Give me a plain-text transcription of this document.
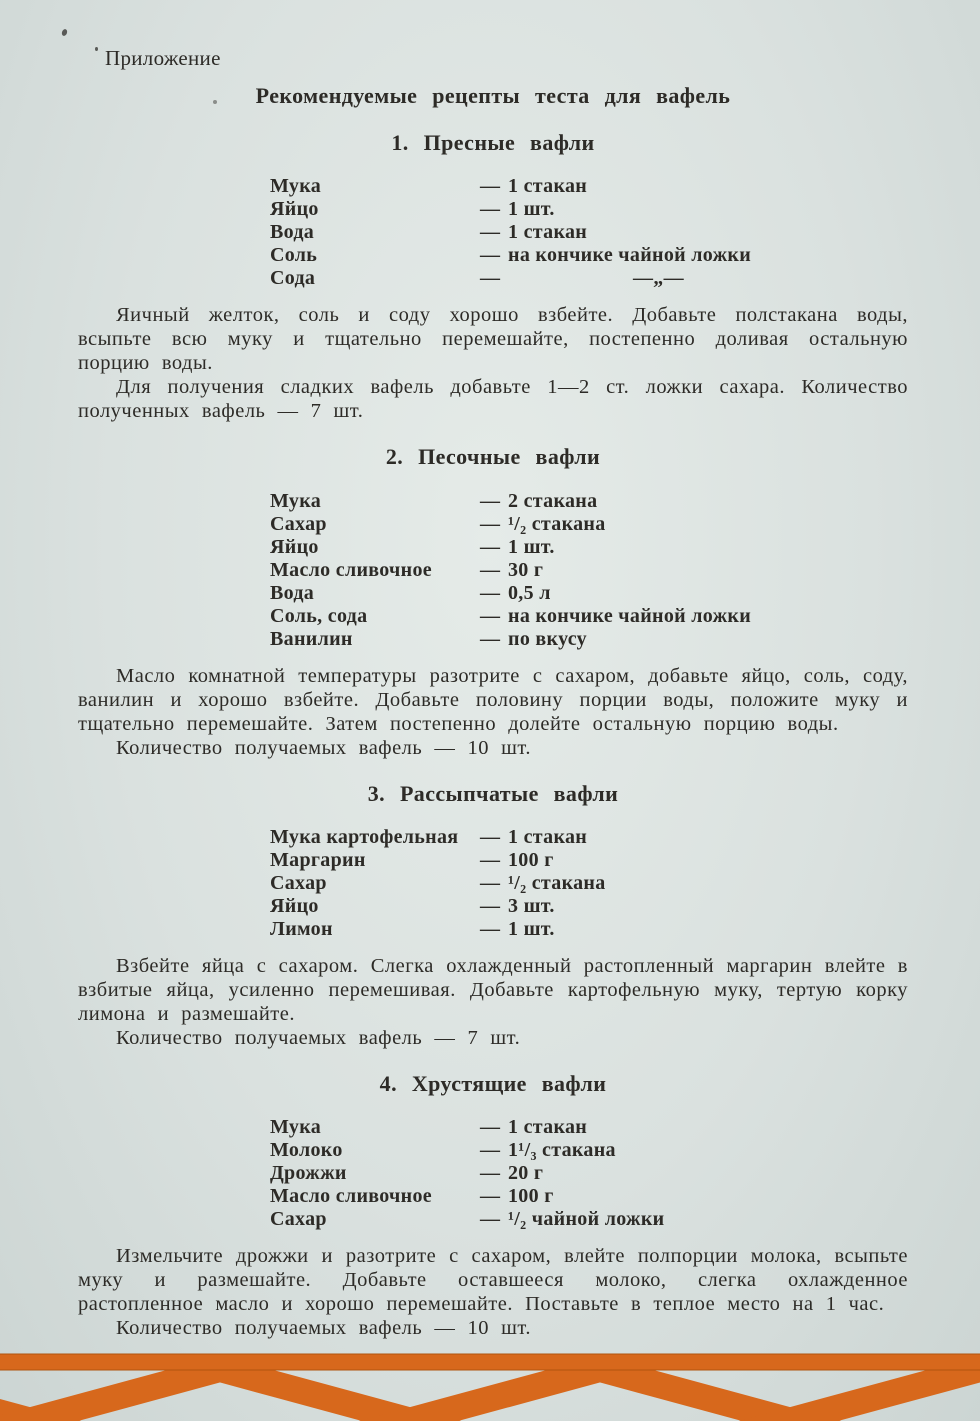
Приложение
Рекомендуемые рецепты теста для вафель
1. Пресные вафли
Мука	— 1 стакан
Яйцо	— 1 шт.
Вода	— 1 стакан
Соль	— на кончике чайной ложки
Сода	—	—„—

Яичный желток, соль и соду хорошо взбейте. Добавьте полстакана воды, всыпьте всю муку и тщательно перемешайте, постепенно доливая остальную порцию воды.

Для получения сладких вафель добавьте 1—2 ст. ложки сахара. Количество полученных вафель — 7 шт.

2. Песочные вафли
Мука	— 2 стакана
Сахар	— ¹/₂ стакана
Яйцо	— 1 шт.
Масло сливочное	— 30 г
Вода	— 0,5 л
Соль, сода	— на кончике чайной ложки
Ванилин	— по вкусу

Масло комнатной температуры разотрите с сахаром, добавьте яйцо, соль, соду, ванилин и хорошо взбейте. Добавьте половину порции воды, положите муку и тщательно перемешайте. Затем постепенно долейте остальную порцию воды.

Количество получаемых вафель — 10 шт.

3. Рассыпчатые вафли
Мука картофельная	— 1 стакан
Маргарин	— 100 г
Сахар	— ¹/₂ стакана
Яйцо	— 3 шт.
Лимон	— 1 шт.

Взбейте яйца с сахаром. Слегка охлажденный растопленный маргарин влейте в взбитые яйца, усиленно перемешивая. Добавьте картофельную муку, тертую корку лимона и размешайте.

Количество получаемых вафель — 7 шт.

4. Хрустящие вафли
Мука	— 1 стакан
Молоко	— 1¹/₃ стакана
Дрожжи	— 20 г
Масло сливочное	— 100 г
Сахар	— ¹/₂ чайной ложки

Измельчите дрожжи и разотрите с сахаром, влейте полпорции молока, всыпьте муку и размешайте. Добавьте оставшееся молоко, слегка охлажденное растопленное масло и хорошо перемешайте. Поставьте в теплое место на 1 час.

Количество получаемых вафель — 10 шт.
